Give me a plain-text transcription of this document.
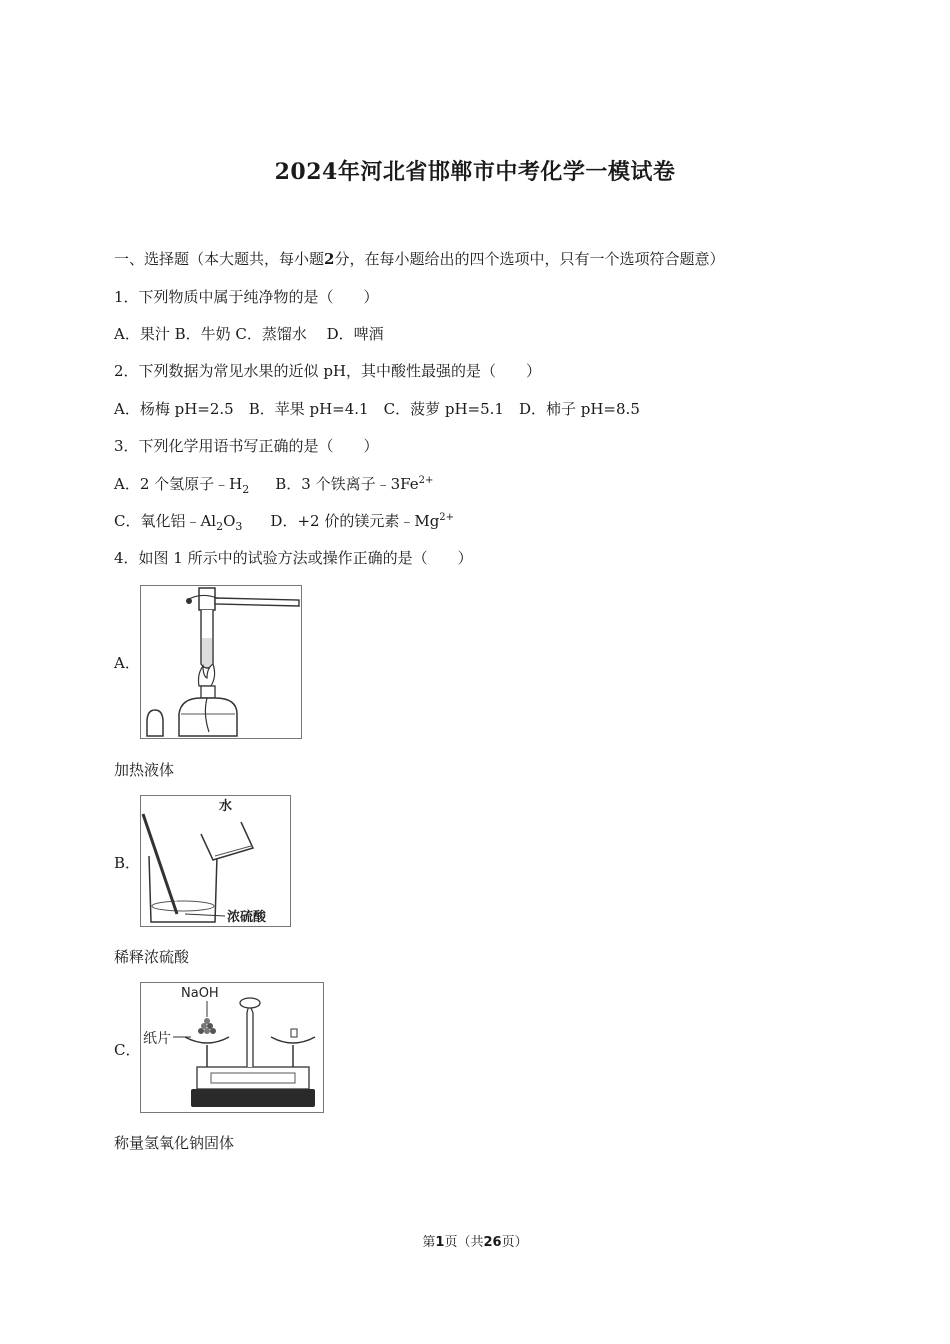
2024年河北省邯郸市中考化学一模试卷
一、选择题（本大题共，每小题2分，在每小题给出的四个选项中，只有一个选项符合题意）
1．下列物质中属于纯净物的是（　　）
A．果汁 B．牛奶 C．蒸馏水　 D．啤酒
2．下列数据为常见水果的近似 pH，其中酸性最强的是（　　）
A．杨梅 pH=2.5　B．苹果 pH=4.1　C．菠萝 pH=5.1　D．柿子 pH=8.5
3．下列化学用语书写正确的是（　　）
A．2 个氢原子$﹣H_2$ B．3 个铁离子$﹣3Fe^{2+}$
C．氧化铝$﹣Al_2O_3$ D．+2 价的镁元素$﹣Mg^{2+}$
4．如图 1 所示中的试验方法或操作正确的是（　　）
A．
加热液体
B．
水
浓硫酸
稀释浓硫酸
C．
NaOH
纸片
称量氢氧化钠固体
第1页（共26页）
